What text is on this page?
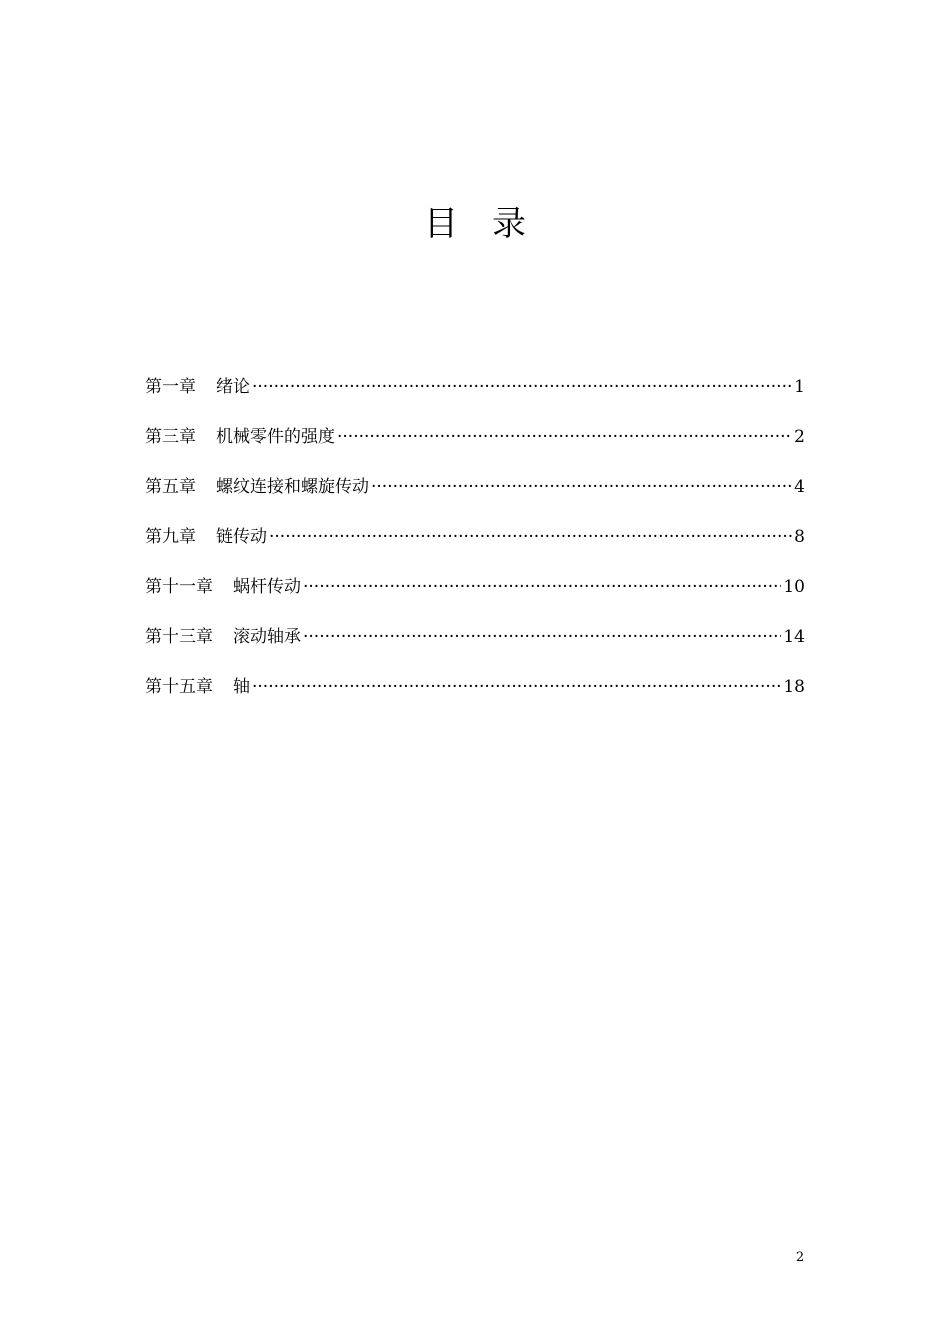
目 录
第一章 绪论 ·····	1
第三章 机械零件的强度 ·····	2
第五章 螺纹连接和螺旋传动 ·····	4
第九章 链传动 ·····	8
第十一章 蜗杆传动 ·····	10
第十三章 滚动轴承 ·····	14
第十五章 轴 ·····	18
2
